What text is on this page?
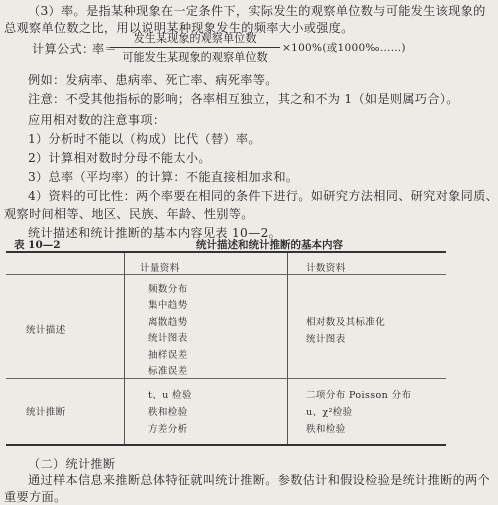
（3）率。是指某种现象在一定条件下，实际发生的观察单位数与可能发生该现象的
总观察单位数之比，用以说明某种现象发生的频率大小或强度。
计算公式：
率＝
发生某现象的观察单位数
可能发生某现象的观察单位数
×100%(或1000‰……)
例如：发病率、患病率、死亡率、病死率等。
注意：不受其他指标的影响；各率相互独立，其之和不为 1（如是则属巧合）。
应用相对数的注意事项：
1）分析时不能以（构成）比代（替）率。
2）计算相对数时分母不能太小。
3）总率（平均率）的计算：不能直接相加求和。
4）资料的可比性：两个率要在相同的条件下进行。如研究方法相同、研究对象同质、
观察时间相等、地区、民族、年龄、性别等。
统计描述和统计推断的基本内容见表 10—2。
表 10—2	统计描述和统计推断的基本内容
计量资料	计数资料
统计描述
频数分布
集中趋势
离散趋势
统计图表
抽样误差
标准误差
相对数及其标准化
统计图表
统计推断
t、u 检验
秩和检验
方差分析
二项分布 Poisson 分布
u、χ²检验
秩和检验
（二）统计推断
通过样本信息来推断总体特征就叫统计推断。参数估计和假设检验是统计推断的两个
重要方面。
